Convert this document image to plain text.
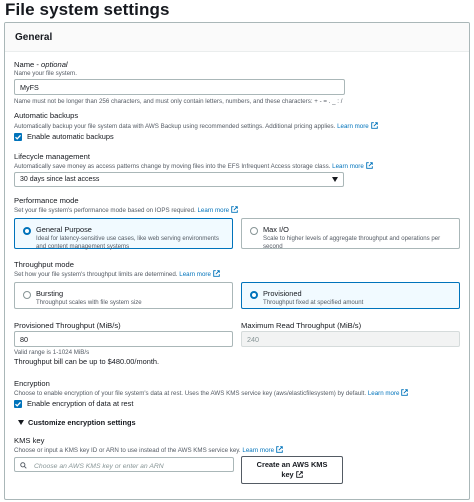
File system settings
General
Name - optional
Name your file system.
MyFS
Name must not be longer than 256 characters, and must only contain letters, numbers, and these characters: + - = . _ : /
Automatic backups
Automatically backup your file system data with AWS Backup using recommended settings. Additional pricing applies. Learn more
Enable automatic backups
Lifecycle management
Automatically save money as access patterns change by moving files into the EFS Infrequent Access storage class. Learn more
30 days since last access
Performance mode
Set your file system's performance mode based on IOPS required. Learn more
General Purpose
Ideal for latency-sensitive use cases, like web serving environments and content management systems
Max I/O
Scale to higher levels of aggregate throughput and operations per second
Throughput mode
Set how your file system's throughput limits are determined. Learn more
Bursting
Throughput scales with file system size
Provisioned
Throughput fixed at specified amount
Provisioned Throughput (MiB/s)
80
Valid range is 1-1024 MiB/s
Throughput bill can be up to $480.00/month.
Maximum Read Throughput (MiB/s)
240
Encryption
Choose to enable encryption of your file system's data at rest. Uses the AWS KMS service key (aws/elasticfilesystem) by default. Learn more
Enable encryption of data at rest
Customize encryption settings
KMS key
Choose or input a KMS key ID or ARN to use instead of the AWS KMS service key. Learn more
Choose an AWS KMS key or enter an ARN	Create an AWS KMS
key
